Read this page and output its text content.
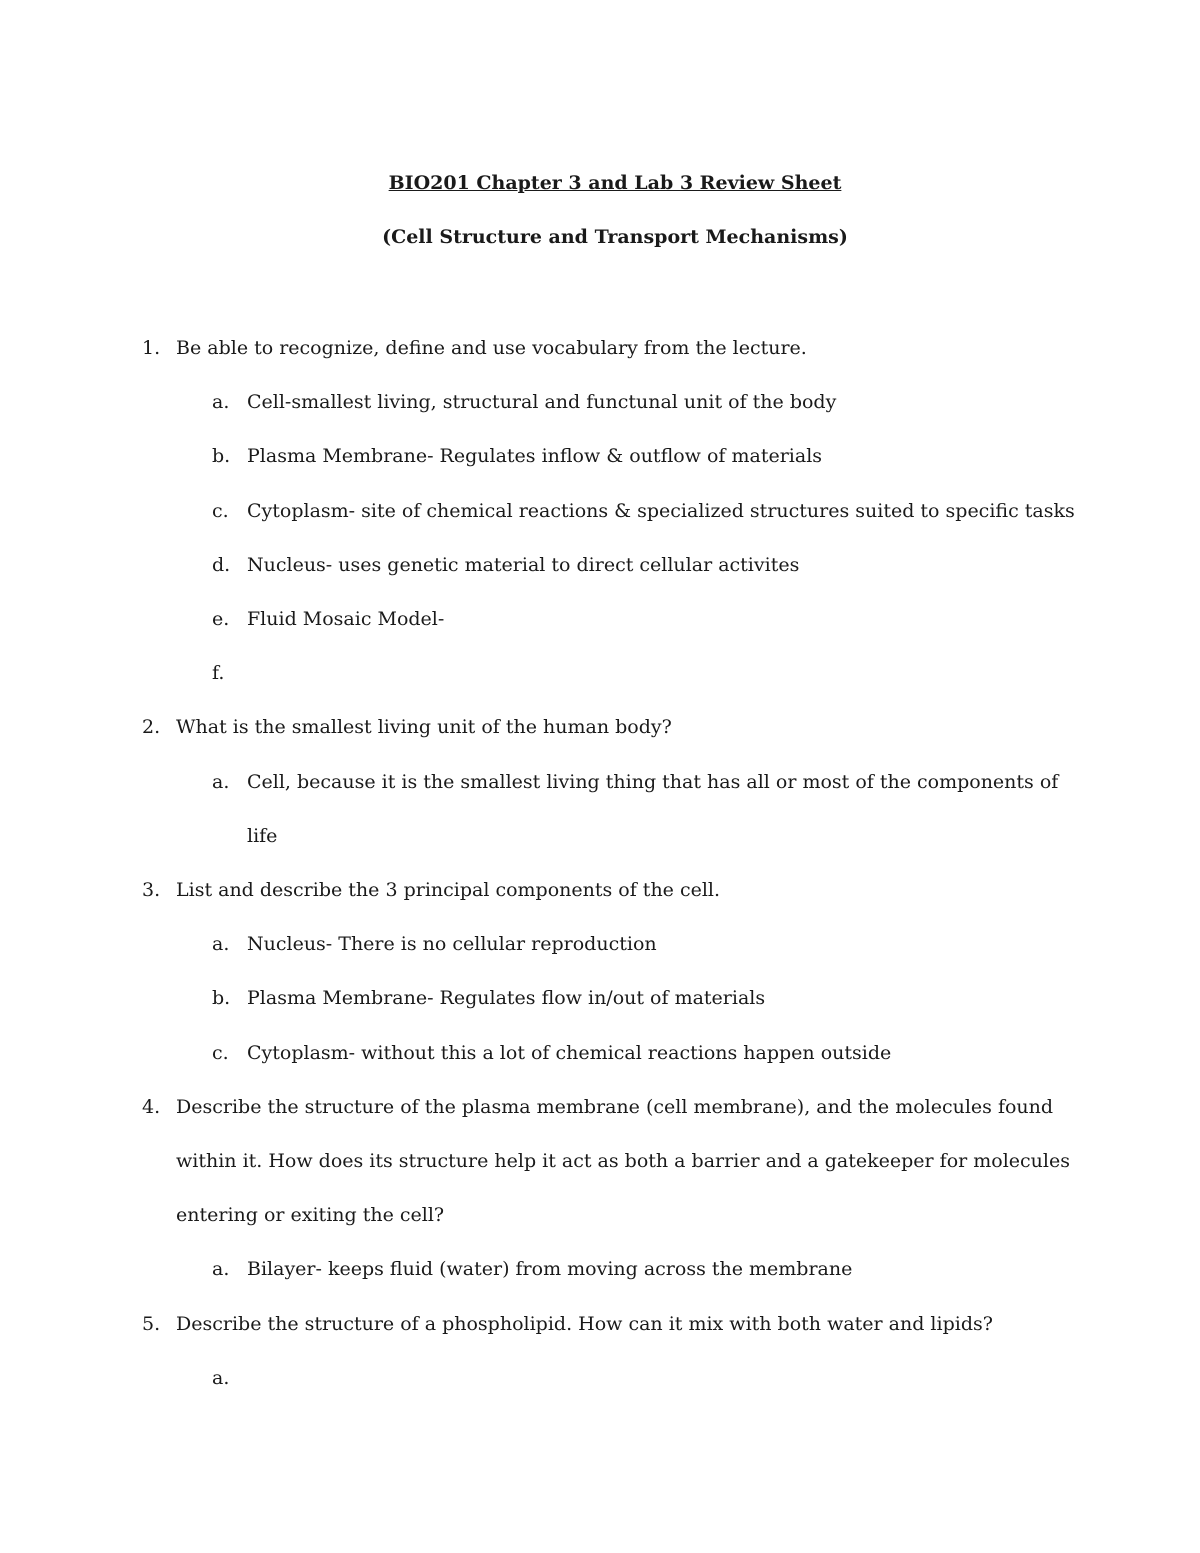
BIO201 Chapter 3 and Lab 3 Review Sheet
(Cell Structure and Transport Mechanisms)
1. Be able to recognize, define and use vocabulary from the lecture.
a. Cell-smallest living, structural and functunal unit of the body
b. Plasma Membrane- Regulates inflow & outflow of materials
c. Cytoplasm- site of chemical reactions & specialized structures suited to specific tasks
d. Nucleus- uses genetic material to direct cellular activites
e. Fluid Mosaic Model-
f.
2. What is the smallest living unit of the human body?
a. Cell, because it is the smallest living thing that has all or most of the components of
life
3. List and describe the 3 principal components of the cell.
a. Nucleus- There is no cellular reproduction
b. Plasma Membrane- Regulates flow in/out of materials
c. Cytoplasm- without this a lot of chemical reactions happen outside
4. Describe the structure of the plasma membrane (cell membrane), and the molecules found
within it. How does its structure help it act as both a barrier and a gatekeeper for molecules
entering or exiting the cell?
a. Bilayer- keeps fluid (water) from moving across the membrane
5. Describe the structure of a phospholipid. How can it mix with both water and lipids?
a.
